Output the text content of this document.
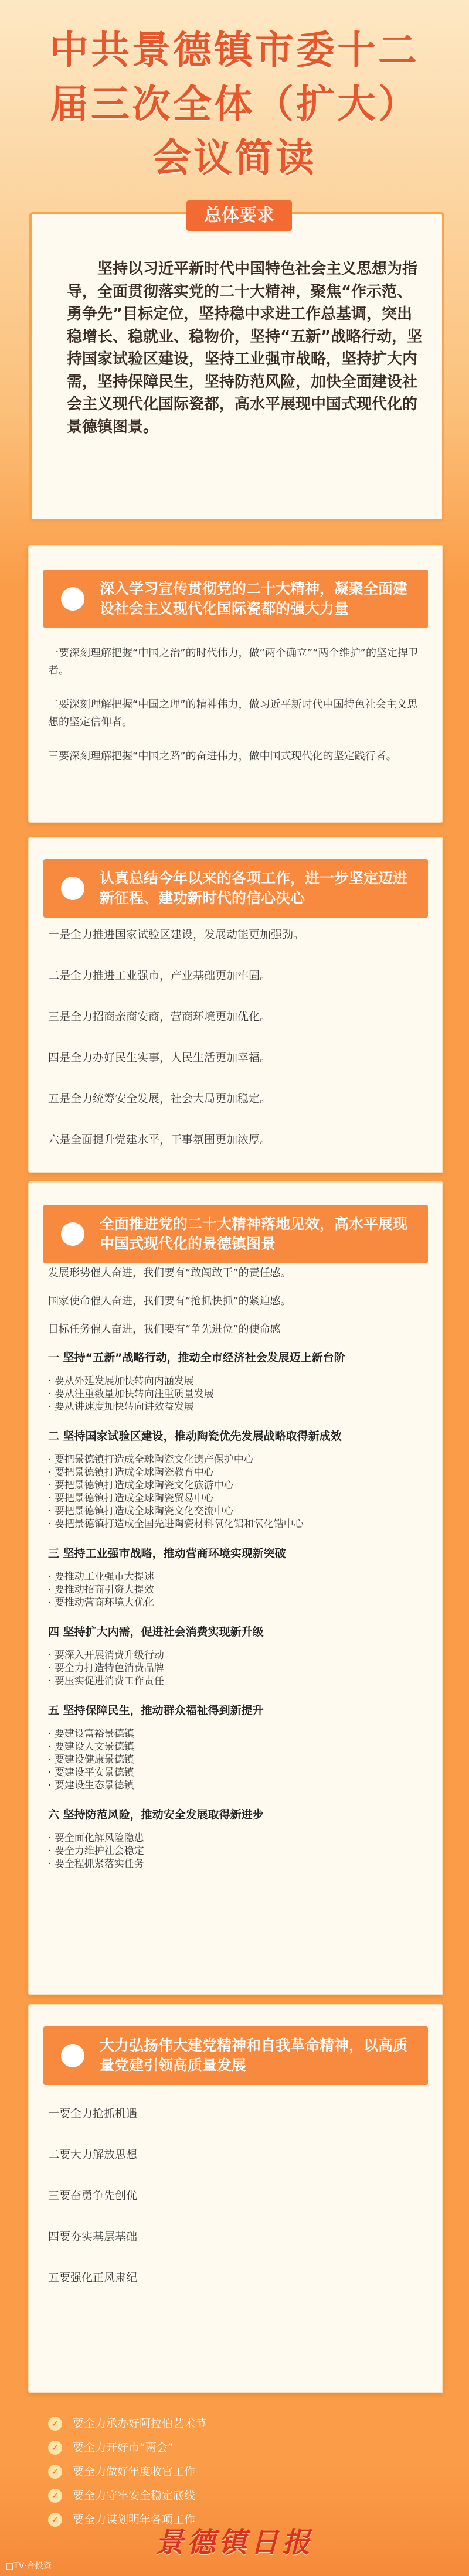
中共景德镇市委十二
届三次全体（扩大）
会议简读
总体要求
坚持以习近平新时代中国特色社会主义思想为指导，全面贯彻落实党的二十大精神，聚焦“作示范、勇争先”目标定位，坚持稳中求进工作总基调，突出稳增长、稳就业、稳物价，坚持“五新”战略行动，坚持国家试验区建设，坚持工业强市战略，坚持扩大内需，坚持保障民生，坚持防范风险，加快全面建设社会主义现代化国际瓷都，高水平展现中国式现代化的景德镇图景。
深入学习宣传贯彻党的二十大精神，凝聚全面建设社会主义现代化国际瓷都的强大力量
一要深刻理解把握“中国之治”的时代伟力，做“两个确立”“两个维护”的坚定捍卫者。
二要深刻理解把握“中国之理”的精神伟力，做习近平新时代中国特色社会主义思想的坚定信仰者。
三要深刻理解把握“中国之路”的奋进伟力，做中国式现代化的坚定践行者。
认真总结今年以来的各项工作，进一步坚定迈进新征程、建功新时代的信心决心
一是全力推进国家试验区建设，发展动能更加强劲。
二是全力推进工业强市，产业基础更加牢固。
三是全力招商亲商安商，营商环境更加优化。
四是全力办好民生实事，人民生活更加幸福。
五是全力统筹安全发展，社会大局更加稳定。
六是全面提升党建水平，干事氛围更加浓厚。
全面推进党的二十大精神落地见效，高水平展现中国式现代化的景德镇图景
发展形势催人奋进，我们要有“敢闯敢干”的责任感。
国家使命催人奋进，我们要有“抢抓快抓”的紧迫感。
目标任务催人奋进，我们要有“争先进位”的使命感
一 坚持“五新”战略行动，推动全市经济社会发展迈上新台阶
· 要从外延发展加快转向内涵发展
· 要从注重数量加快转向注重质量发展
· 要从讲速度加快转向讲效益发展
二 坚持国家试验区建设，推动陶瓷优先发展战略取得新成效
· 要把景德镇打造成全球陶瓷文化遗产保护中心
· 要把景德镇打造成全球陶瓷教育中心
· 要把景德镇打造成全球陶瓷文化旅游中心
· 要把景德镇打造成全球陶瓷贸易中心
· 要把景德镇打造成全球陶瓷文化交流中心
· 要把景德镇打造成全国先进陶瓷材料氧化铝和氧化锆中心
三 坚持工业强市战略，推动营商环境实现新突破
· 要推动工业强市大提速
· 要推动招商引资大提效
· 要推动营商环境大优化
四 坚持扩大内需，促进社会消费实现新升级
· 要深入开展消费升级行动
· 要全力打造特色消费品牌
· 要压实促进消费工作责任
五 坚持保障民生，推动群众福祉得到新提升
· 要建设富裕景德镇
· 要建设人文景德镇
· 要建设健康景德镇
· 要建设平安景德镇
· 要建设生态景德镇
六 坚持防范风险，推动安全发展取得新进步
· 要全面化解风险隐患
· 要全力维护社会稳定
· 要全程抓紧落实任务
大力弘扬伟大建党精神和自我革命精神，以高质量党建引领高质量发展
一要全力抢抓机遇
二要大力解放思想
三要奋勇争先创优
四要夯实基层基础
五要强化正风肃纪
✓ 要全力承办好阿拉伯艺术节
✓ 要全力开好市“两会”
✓ 要全力做好年度收官工作
✓ 要全力守牢安全稳定底线
✓ 要全力谋划明年各项工作
景德镇日报
□TV·合投资
